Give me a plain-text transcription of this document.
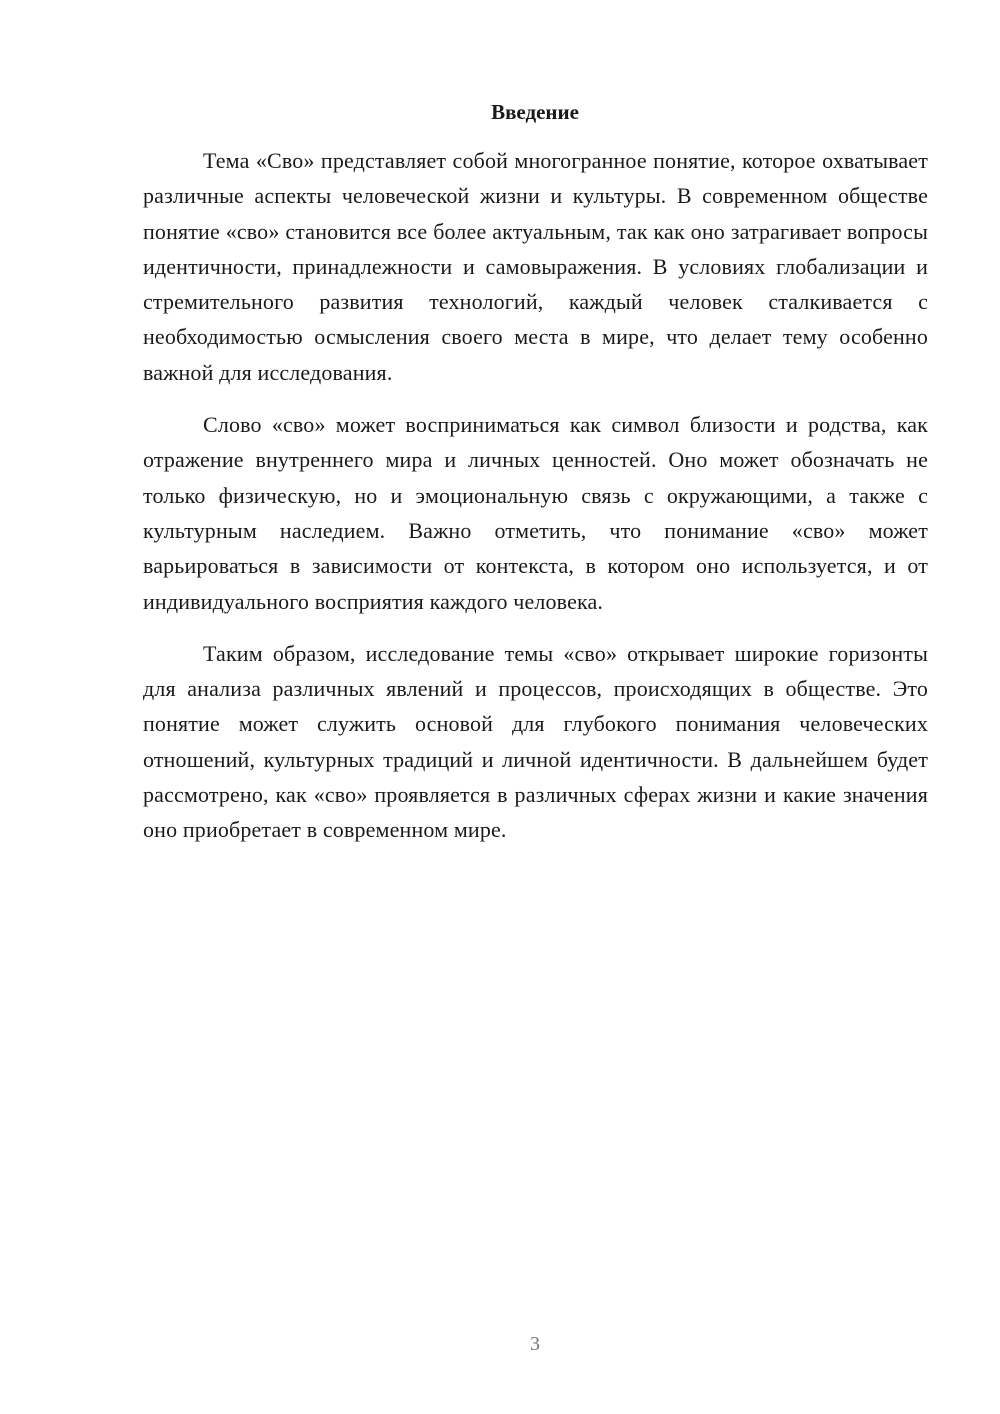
Введение

Тема «Сво» представляет собой многогранное понятие, которое охватывает различные аспекты человеческой жизни и культуры. В современном обществе понятие «сво» становится все более актуальным, так как оно затрагивает вопросы идентичности, принадлежности и самовыражения. В условиях глобализации и стремительного развития технологий, каждый человек сталкивается с необходимостью осмысления своего места в мире, что делает тему особенно важной для исследования.

Слово «сво» может восприниматься как символ близости и родства, как отражение внутреннего мира и личных ценностей. Оно может обозначать не только физическую, но и эмоциональную связь с окружающими, а также с культурным наследием. Важно отметить, что понимание «сво» может варьироваться в зависимости от контекста, в котором оно используется, и от индивидуального восприятия каждого человека.

Таким образом, исследование темы «сво» открывает широкие горизонты для анализа различных явлений и процессов, происходящих в обществе. Это понятие может служить основой для глубокого понимания человеческих отношений, культурных традиций и личной идентичности. В дальнейшем будет рассмотрено, как «сво» проявляется в различных сферах жизни и какие значения оно приобретает в современном мире.

3
